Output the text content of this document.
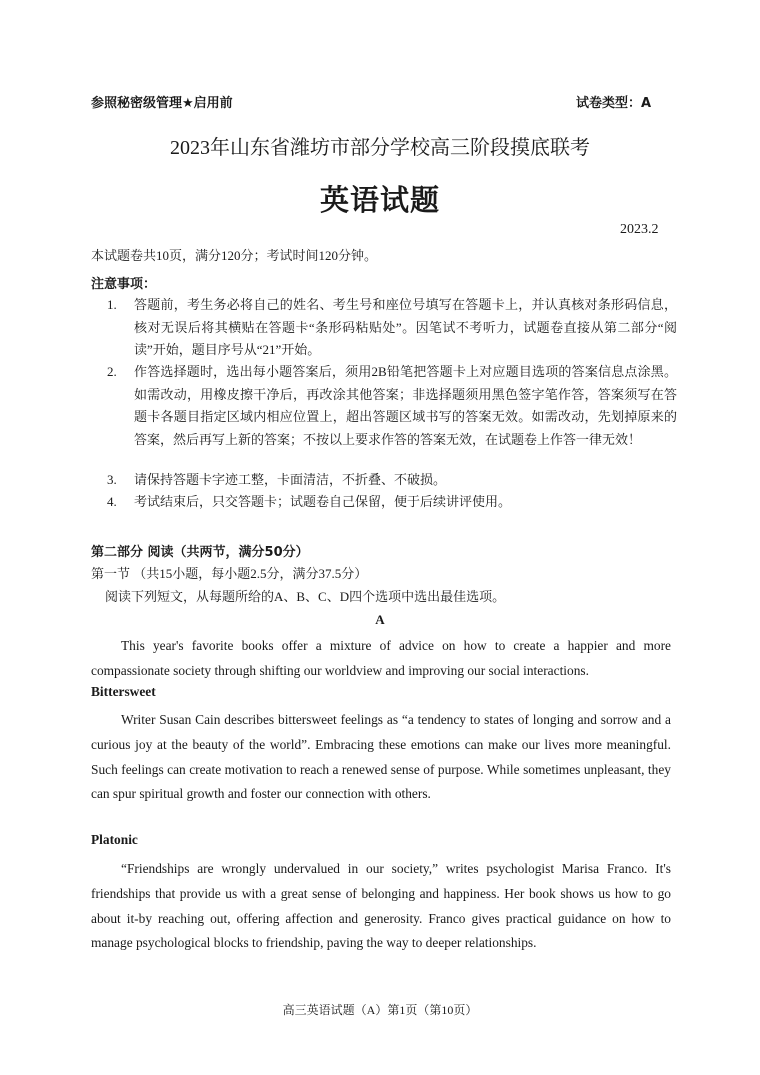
参照秘密级管理★启用前	试卷类型：A
2023年山东省潍坊市部分学校高三阶段摸底联考
英语试题
2023.2
本试题卷共10页，满分120分；考试时间120分钟。
注意事项：
1.	答题前，考生务必将自己的姓名、考生号和座位号填写在答题卡上，并认真核对条形码信息，核对无误后将其横贴在答题卡“条形码粘贴处”。因笔试不考听力，试题卷直接从第二部分“阅读”开始，题目序号从“21”开始。
2.	作答选择题时，选出每小题答案后，须用2B铅笔把答题卡上对应题目选项的答案信息点涂黑。如需改动，用橡皮擦干净后，再改涂其他答案；非选择题须用黑色签字笔作答，答案须写在答题卡各题目指定区域内相应位置上，超出答题区域书写的答案无效。如需改动，先划掉原来的答案，然后再写上新的答案；不按以上要求作答的答案无效，在试题卷上作答一律无效！
3.	请保持答题卡字迹工整，卡面清洁，不折叠、不破损。
4.	考试结束后，只交答题卡；试题卷自己保留，便于后续讲评使用。
第二部分 阅读（共两节，满分50分）
第一节 （共15小题，每小题2.5分，满分37.5分）
阅读下列短文，从每题所给的A、B、C、D四个选项中选出最佳选项。
A
This year's favorite books offer a mixture of advice on how to create a happier and more compassionate society through shifting our worldview and improving our social interactions.
Bittersweet
Writer Susan Cain describes bittersweet feelings as “a tendency to states of longing and sorrow and a curious joy at the beauty of the world”. Embracing these emotions can make our lives more meaningful. Such feelings can create motivation to reach a renewed sense of purpose. While sometimes unpleasant, they can spur spiritual growth and foster our connection with others.
Platonic
“Friendships are wrongly undervalued in our society,” writes psychologist Marisa Franco. It's friendships that provide us with a great sense of belonging and happiness. Her book shows us how to go about it-by reaching out, offering affection and generosity. Franco gives practical guidance on how to manage psychological blocks to friendship, paving the way to deeper relationships.
高三英语试题（A）第1页（第10页）
